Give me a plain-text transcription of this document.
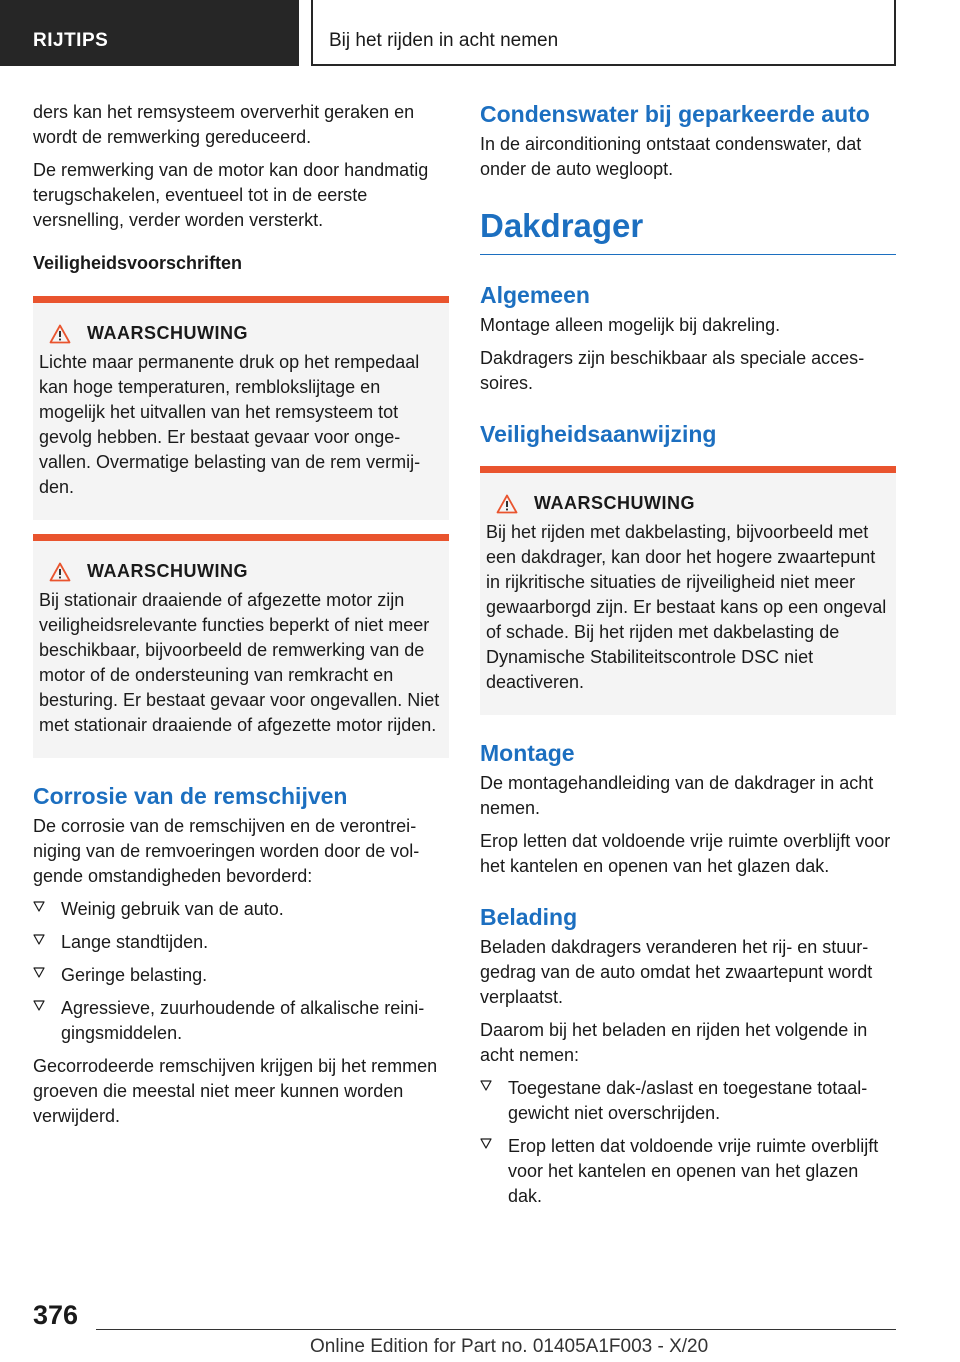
RIJTIPS	Bij het rijden in acht nemen

ders kan het remsysteem oververhit geraken en wordt de remwerking gereduceerd.

De remwerking van de motor kan door handmatig terugschakelen, eventueel tot in de eerste versnelling, verder worden versterkt.

Veiligheidsvoorschriften
WAARSCHUWING
Lichte maar permanente druk op het rempedaal kan hoge temperaturen, remblokslijtage en mogelijk het uitvallen van het remsysteem tot gevolg hebben. Er bestaat gevaar voor ongevallen. Overmatige belasting van de rem vermijden.
WAARSCHUWING
Bij stationair draaiende of afgezette motor zijn veiligheidsrelevante functies beperkt of niet meer beschikbaar, bijvoorbeeld de remwerking van de motor of de ondersteuning van remkracht en besturing. Er bestaat gevaar voor ongevallen. Niet met stationair draaiende of afgezette motor rijden.
Corrosie van de remschijven

De corrosie van de remschijven en de verontreiniging van de remvoeringen worden door de volgende omstandigheden bevorderd:

Weinig gebruik van de auto.
Lange standtijden.
Geringe belasting.
Agressieve, zuurhoudende of alkalische reinigingsmiddelen.

Gecorrodeerde remschijven krijgen bij het remmen groeven die meestal niet meer kunnen worden verwijderd.

Condenswater bij geparkeerde auto

In de airconditioning ontstaat condenswater, dat onder de auto wegloopt.

Dakdrager
Algemeen

Montage alleen mogelijk bij dakreling.

Dakdragers zijn beschikbaar als speciale accessoires.

Veiligheidsaanwijzing
WAARSCHUWING
Bij het rijden met dakbelasting, bijvoorbeeld met een dakdrager, kan door het hogere zwaartepunt in rijkritische situaties de rijveiligheid niet meer gewaarborgd zijn. Er bestaat kans op een ongeval of schade. Bij het rijden met dakbelasting de Dynamische Stabiliteitscontrole DSC niet deactiveren.
Montage

De montagehandleiding van de dakdrager in acht nemen.

Erop letten dat voldoende vrije ruimte overblijft voor het kantelen en openen van het glazen dak.

Belading

Beladen dakdragers veranderen het rij- en stuurgedrag van de auto omdat het zwaartepunt wordt verplaatst.

Daarom bij het beladen en rijden het volgende in acht nemen:

Toegestane dak-/aslast en toegestane totaalgewicht niet overschrijden.
Erop letten dat voldoende vrije ruimte overblijft voor het kantelen en openen van het glazen dak.
376
Online Edition for Part no. 01405A1F003 - X/20
